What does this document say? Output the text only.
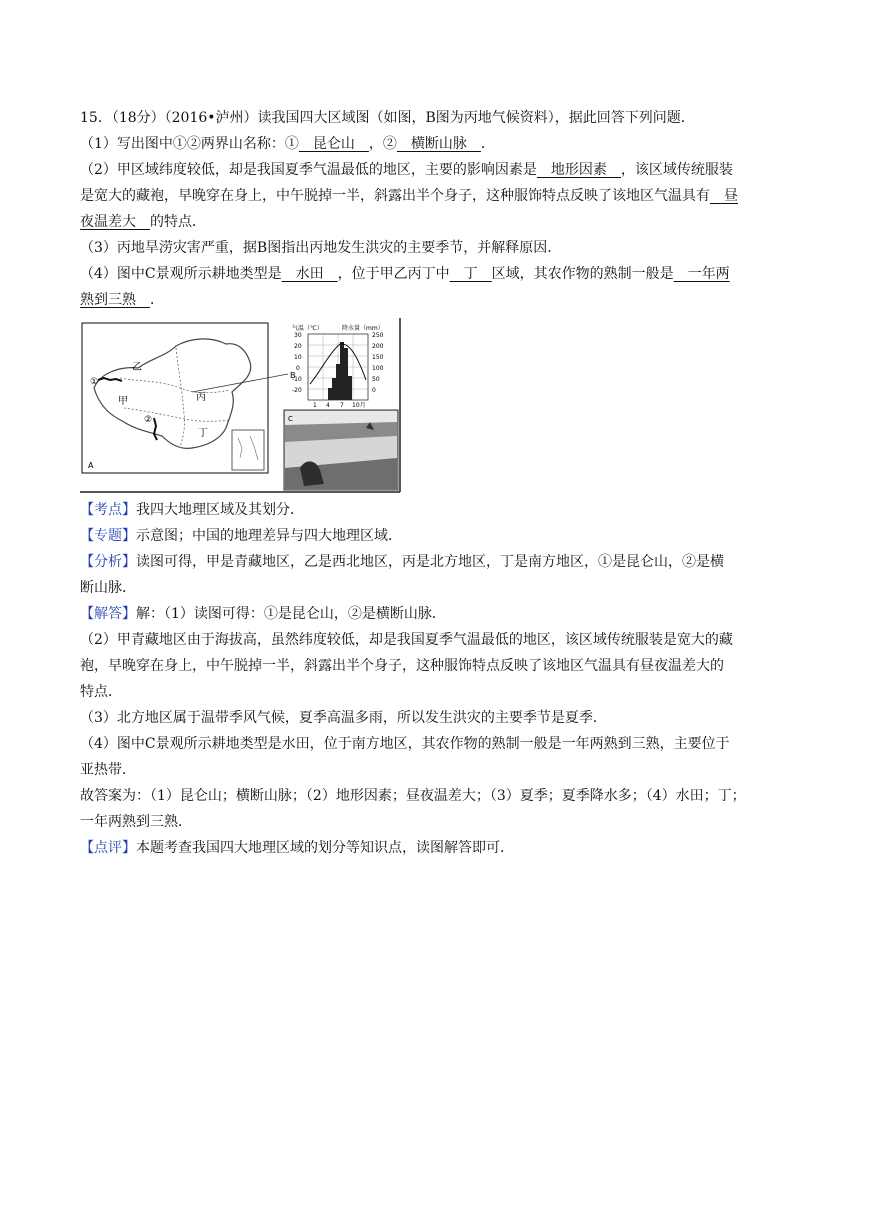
15．（18分）（2016•泸州）读我国四大区域图（如图，B图为丙地气候资料），据此回答下列问题．
（1）写出图中①②两界山名称：①　昆仑山　，②　横断山脉　．
（2）甲区域纬度较低，却是我国夏季气温最低的地区，主要的影响因素是　地形因素　，该区域传统服装
是宽大的藏袍，早晚穿在身上，中午脱掉一半，斜露出半个身子，这种服饰特点反映了该地区气温具有　昼
夜温差大　的特点．
（3）丙地旱涝灾害严重，据B图指出丙地发生洪灾的主要季节，并解释原因．
（4）图中C景观所示耕地类型是　水田　，位于甲乙丙丁中　丁　区域，其农作物的熟制一般是　一年两
熟到三熟　．
①
②
甲
乙
丙
丁
A
B
气温（℃）	降水量（mm）
30
20
10
0
-10
-20
250
200
150
100
50
0
1 4 7 10月
C
【考点】我四大地理区域及其划分．
【专题】示意图；中国的地理差异与四大地理区域．
【分析】读图可得，甲是青藏地区，乙是西北地区，丙是北方地区，丁是南方地区，①是昆仑山，②是横
断山脉．
【解答】解：（1）读图可得：①是昆仑山，②是横断山脉．
（2）甲青藏地区由于海拔高，虽然纬度较低，却是我国夏季气温最低的地区，该区域传统服装是宽大的藏
袍，早晚穿在身上，中午脱掉一半，斜露出半个身子，这种服饰特点反映了该地区气温具有昼夜温差大的
特点．
（3）北方地区属于温带季风气候，夏季高温多雨，所以发生洪灾的主要季节是夏季．
（4）图中C景观所示耕地类型是水田，位于南方地区，其农作物的熟制一般是一年两熟到三熟，主要位于
亚热带．
故答案为：（1）昆仑山；横断山脉；（2）地形因素；昼夜温差大；（3）夏季；夏季降水多；（4）水田；丁；
一年两熟到三熟．
【点评】本题考查我国四大地理区域的划分等知识点，读图解答即可．
